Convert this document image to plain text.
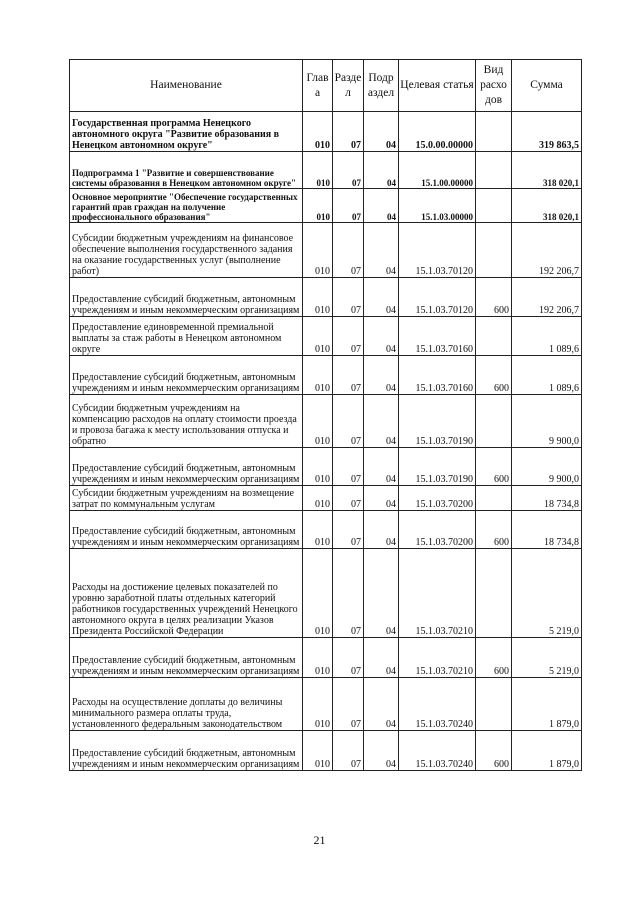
Наименование	Глав а	Разде л	Подр аздел	Целевая статья	Вид расхо дов	Сумма
Государственная программа Ненецкого автономного округа "Развитие образования в Ненецком автономном округе"	010	07	04	15.0.00.00000		319 863,5
Подпрограмма 1 "Развитие и совершенствование системы образования в Ненецком автономном округе"	010	07	04	15.1.00.00000		318 020,1
Основное мероприятие "Обеспечение государственных гарантий прав граждан на получение профессионального образования"	010	07	04	15.1.03.00000		318 020,1
Субсидии бюджетным учреждениям на финансовое обеспечение выполнения государственного задания на оказание государственных услуг (выполнение работ)	010	07	04	15.1.03.70120		192 206,7
Предоставление субсидий бюджетным, автономным учреждениям и иным некоммерческим организациям	010	07	04	15.1.03.70120	600	192 206,7
Предоставление единовременной премиальной выплаты за стаж работы в Ненецком автономном округе	010	07	04	15.1.03.70160		1 089,6
Предоставление субсидий бюджетным, автономным учреждениям и иным некоммерческим организациям	010	07	04	15.1.03.70160	600	1 089,6
Субсидии бюджетным учреждениям на компенсацию расходов на оплату стоимости проезда и провоза багажа к месту использования отпуска и обратно	010	07	04	15.1.03.70190		9 900,0
Предоставление субсидий бюджетным, автономным учреждениям и иным некоммерческим организациям	010	07	04	15.1.03.70190	600	9 900,0
Субсидии бюджетным учреждениям на возмещение затрат по коммунальным услугам	010	07	04	15.1.03.70200		18 734,8
Предоставление субсидий бюджетным, автономным учреждениям и иным некоммерческим организациям	010	07	04	15.1.03.70200	600	18 734,8
Расходы на достижение целевых показателей по уровню заработной платы отдельных категорий работников государственных учреждений Ненецкого автономного округа в целях реализации Указов Президента Российской Федерации	010	07	04	15.1.03.70210		5 219,0
Предоставление субсидий бюджетным, автономным учреждениям и иным некоммерческим организациям	010	07	04	15.1.03.70210	600	5 219,0
Расходы на осуществление доплаты до величины минимального размера оплаты труда, установленного федеральным законодательством	010	07	04	15.1.03.70240		1 879,0
Предоставление субсидий бюджетным, автономным учреждениям и иным некоммерческим организациям	010	07	04	15.1.03.70240	600	1 879,0
21
